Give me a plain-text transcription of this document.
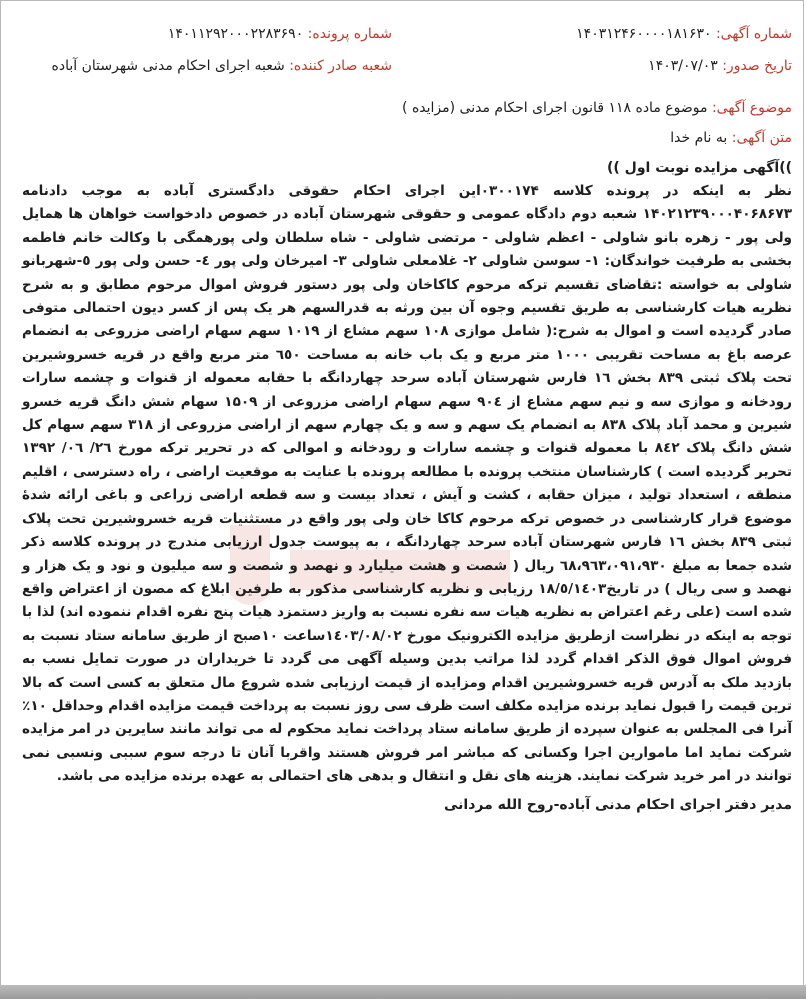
شماره آگهی: ۱۴۰۳۱۲۴۶۰۰۰۰۱۸۱۶۳۰
شماره پرونده: ۱۴۰۱۱۲۹۲۰۰۰۲۲۸۳۶۹۰
تاریخ صدور: ۱۴۰۳/۰۷/۰۳
شعبه صادر کننده: شعبه اجرای احکام مدنی شهرستان آباده
موضوع آگهی: موضوع ماده ۱۱۸ قانون اجرای احکام مدنی (مزایده )
متن آگهی: به نام خدا
))آگهی مزایده نوبت اول ))
نظر به اینکه در پرونده کلاسه ۰۳۰۰۱۷۴این اجرای احکام حقوقی دادگستری آباده به موجب دادنامه ۱۴۰۲۱۲۳۹۰۰۰۴۰۶۸۶۷۳ شعبه دوم دادگاه عمومی و حقوقی شهرستان آباده در خصوص دادخواست خواهان ها همایل ولی پور - زهره بانو شاولی - اعظم شاولی - مرتضی شاولی - شاه سلطان ولی پورهمگی با وکالت خانم فاطمه بخشی به طرفیت خواندگان: ۱- سوسن شاولی ۲- غلامعلی شاولی ۳- امیرخان ولی پور ٤- حسن ولی پور ٥-شهربانو شاولی به خواسته :تقاضای تقسیم ترکه مرحوم کاکاخان ولی پور دستور فروش اموال مرحوم مطابق و به شرح نظریه هیات کارشناسی به طریق تقسیم وجوه آن بین ورثه به قدرالسهم هر یک پس از کسر دیون احتمالی متوفی صادر گردیده است و اموال به شرح:( شامل موازی ۱۰۸ سهم مشاع از ۱۰۱۹ سهم سهام اراضی مزروعی به انضمام عرصه باغ به مساحت تقریبی ۱۰۰۰ متر مربع و یک باب خانه به مساحت ٦٥٠ متر مربع واقع در قریه خسروشیرین تحت پلاک ثبتی ۸۳۹ بخش ۱٦ فارس شهرستان آباده سرحد چهاردانگه با حقابه معموله از قنوات و چشمه سارات رودخانه و موازی سه و نیم سهم مشاع از ۹۰٤ سهم سهام اراضی مزروعی از ۱۵۰۹ سهام شش دانگ قریه خسرو شیرین و محمد آباد پلاک ۸۳۸ به انضمام یک سهم و سه و یک چهارم سهم از اراضی مزروعی از ۳۱۸ سهم سهام کل شش دانگ پلاک ۸٤۲ با معموله قنوات و چشمه سارات و رودخانه و اموالی که در تحریر ترکه مورخ ۲٦/ ۰٦/ ۱۳۹۲ تحریر گردیده است ) کارشناسان منتخب پرونده با مطالعه پرونده با عنایت به موقعیت اراضی ، راه دسترسی ، اقلیم منطقه ، استعداد تولید ، میزان حقابه ، کشت و آیش ، تعداد بیست و سه قطعه اراضی زراعی و باغی ارائه شدۀ موضوع قرار کارشناسی در خصوص ترکه مرحوم کاکا خان ولی پور واقع در مستثنیات قریه خسروشیرین تحت پلاک ثبتی ۸۳۹ بخش ۱٦ فارس شهرستان آباده سرحد چهاردانگه ، به پیوست جدول ارزیابی مندرج در پرونده کلاسه ذکر شده جمعا به مبلغ ٦۸،۹٦۳،۰۹۱،۹۳۰ ریال ( شصت و هشت میلیارد و نهصد و شصت و سه میلیون و نود و یک هزار و نهصد و سی ریال ) در تاریخ۱۸/٥/۱٤۰۳ رزیابی و نظریه کارشناسی مذکور به طرفین ابلاغ که مصون از اعتراض واقع شده است (علی رغم اعتراض به نظریه هیات سه نفره نسبت به واریز دستمزد هیات پنج نفره اقدام ننموده اند) لذا با توجه به اینکه در نظراست ازطریق مزایده الکترونیک مورخ ۱٤۰۳/۰۸/۰۲ساعت ۱۰صبح از طریق سامانه ستاد نسبت به فروش اموال فوق الذکر اقدام گردد لذا مراتب بدین وسیله آگهی می گردد تا خریداران در صورت تمایل نسب به بازدید ملک به آدرس قریه خسروشیرین اقدام ومزایده از قیمت ارزیابی شده شروع مال متعلق به کسی است که بالا ترین قیمت را قبول نماید برنده مزایده مکلف است ظرف سی روز نسبت به پرداخت قیمت مزایده اقدام وحداقل ۱۰٪ آنرا فی المجلس به عنوان سپرده از طریق سامانه ستاد پرداخت نماید محکوم له می تواند مانند سایرین در امر مزایده شرکت نماید اما ماموارین اجرا وکسانی که مباشر امر فروش هستند واقربا آنان تا درجه سوم سببی ونسبی نمی توانند در امر خرید شرکت نمایند. هزینه های نقل و انتقال و بدهی های احتمالی به عهده برنده مزایده می باشد.
مدیر دفتر اجرای احکام مدنی آباده-روح الله مردانی
